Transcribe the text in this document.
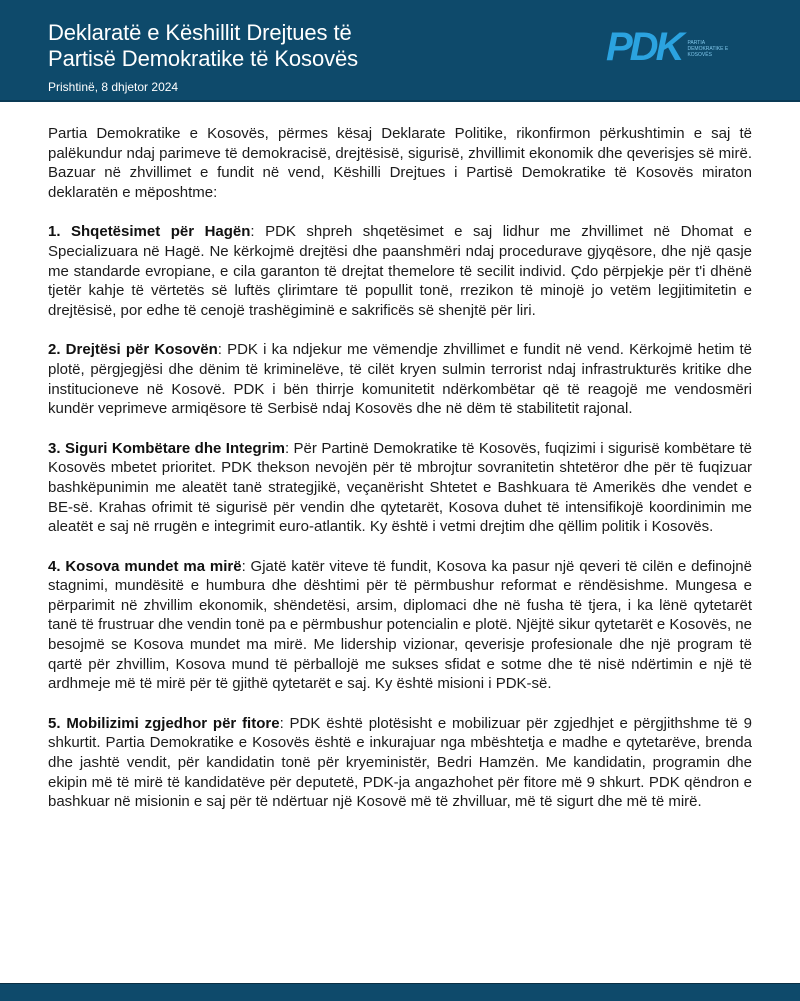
Deklaratë e Këshillit Drejtues të
Partisë Demokratike të Kosovës
Prishtinë, 8 dhjetor 2024
PDK PARTIA DEMOKRATIKE E KOSOVËS

Partia Demokratike e Kosovës, përmes kësaj Deklarate Politike, rikonfirmon përkushtimin e saj të palëkundur ndaj parimeve të demokracisë, drejtësisë, sigurisë, zhvillimit ekonomik dhe qeverisjes së mirë. Bazuar në zhvillimet e fundit në vend, Këshilli Drejtues i Partisë Demokratike të Kosovës miraton deklaratën e mëposhtme:

1. Shqetësimet për Hagën: PDK shpreh shqetësimet e saj lidhur me zhvillimet në Dhomat e Specializuara në Hagë. Ne kërkojmë drejtësi dhe paanshmëri ndaj procedurave gjyqësore, dhe një qasje me standarde evropiane, e cila garanton të drejtat themelore të secilit individ. Çdo përpjekje për t'i dhënë tjetër kahje të vërtetës së luftës çlirimtare të popullit tonë, rrezikon të minojë jo vetëm legjitimitetin e drejtësisë, por edhe të cenojë trashëgiminë e sakrificës së shenjtë për liri.

2. Drejtësi për Kosovën: PDK i ka ndjekur me vëmendje zhvillimet e fundit në vend. Kërkojmë hetim të plotë, përgjegjësi dhe dënim të kriminelëve, të cilët kryen sulmin terrorist ndaj infrastrukturës kritike dhe institucioneve në Kosovë. PDK i bën thirrje komunitetit ndërkombëtar që të reagojë me vendosmëri kundër veprimeve armiqësore të Serbisë ndaj Kosovës dhe në dëm të stabilitetit rajonal.

3. Siguri Kombëtare dhe Integrim: Për Partinë Demokratike të Kosovës, fuqizimi i sigurisë kombëtare të Kosovës mbetet prioritet. PDK thekson nevojën për të mbrojtur sovranitetin shtetëror dhe për të fuqizuar bashkëpunimin me aleatët tanë strategjikë, veçanërisht Shtetet e Bashkuara të Amerikës dhe vendet e BE-së. Krahas ofrimit të sigurisë për vendin dhe qytetarët, Kosova duhet të intensifikojë koordinimin me aleatët e saj në rrugën e integrimit euro-atlantik. Ky është i vetmi drejtim dhe qëllim politik i Kosovës.

4. Kosova mundet ma mirë: Gjatë katër viteve të fundit, Kosova ka pasur një qeveri të cilën e definojnë stagnimi, mundësitë e humbura dhe dështimi për të përmbushur reformat e rëndësishme. Mungesa e përparimit në zhvillim ekonomik, shëndetësi, arsim, diplomaci dhe në fusha të tjera, i ka lënë qytetarët tanë të frustruar dhe vendin tonë pa e përmbushur potencialin e plotë. Njëjtë sikur qytetarët e Kosovës, ne besojmë se Kosova mundet ma mirë. Me lidership vizionar, qeverisje profesionale dhe një program të qartë për zhvillim, Kosova mund të përballojë me sukses sfidat e sotme dhe të nisë ndërtimin e një të ardhmeje më të mirë për të gjithë qytetarët e saj. Ky është misioni i PDK-së.

5. Mobilizimi zgjedhor për fitore: PDK është plotësisht e mobilizuar për zgjedhjet e përgjithshme të 9 shkurtit. Partia Demokratike e Kosovës është e inkurajuar nga mbështetja e madhe e qytetarëve, brenda dhe jashtë vendit, për kandidatin tonë për kryeministër, Bedri Hamzën. Me kandidatin, programin dhe ekipin më të mirë të kandidatëve për deputetë, PDK-ja angazhohet për fitore më 9 shkurt. PDK qëndron e bashkuar në misionin e saj për të ndërtuar një Kosovë më të zhvilluar, më të sigurt dhe më të mirë.
